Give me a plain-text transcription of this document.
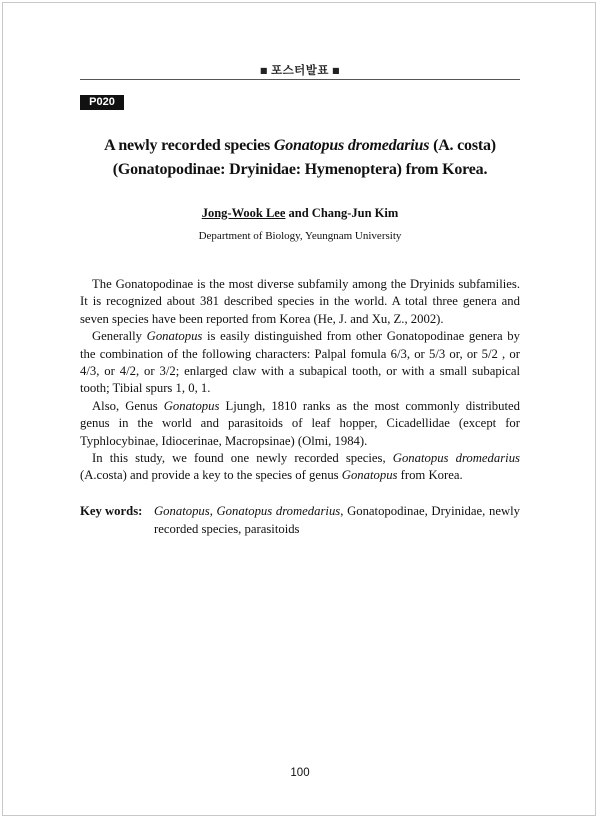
■ 포스터발표 ■
P020
A newly recorded species Gonatopus dromedarius (A. costa) (Gonatopodinae: Dryinidae: Hymenoptera) from Korea.
Jong-Wook Lee and Chang-Jun Kim
Department of Biology, Yeungnam University

The Gonatopodinae is the most diverse subfamily among the Dryinids subfamilies. It is recognized about 381 described species in the world. A total three genera and seven species have been reported from Korea (He, J. and Xu, Z., 2002).

Generally Gonatopus is easily distinguished from other Gonatopodinae genera by the combination of the following characters: Palpal fomula 6/3, or 5/3 or, or 5/2 , or 4/3, or 4/2, or 3/2; enlarged claw with a subapical tooth, or with a small subapical tooth; Tibial spurs 1, 0, 1.

Also, Genus Gonatopus Ljungh, 1810 ranks as the most commonly distributed genus in the world and parasitoids of leaf hopper, Cicadellidae (except for Typhlocybinae, Idiocerinae, Macropsinae) (Olmi, 1984).

In this study, we found one newly recorded species, Gonatopus dromedarius (A.costa) and provide a key to the species of genus Gonatopus from Korea.

Key words: Gonatopus, Gonatopus dromedarius, Gonatopodinae, Dryinidae, newly recorded species, parasitoids
100
